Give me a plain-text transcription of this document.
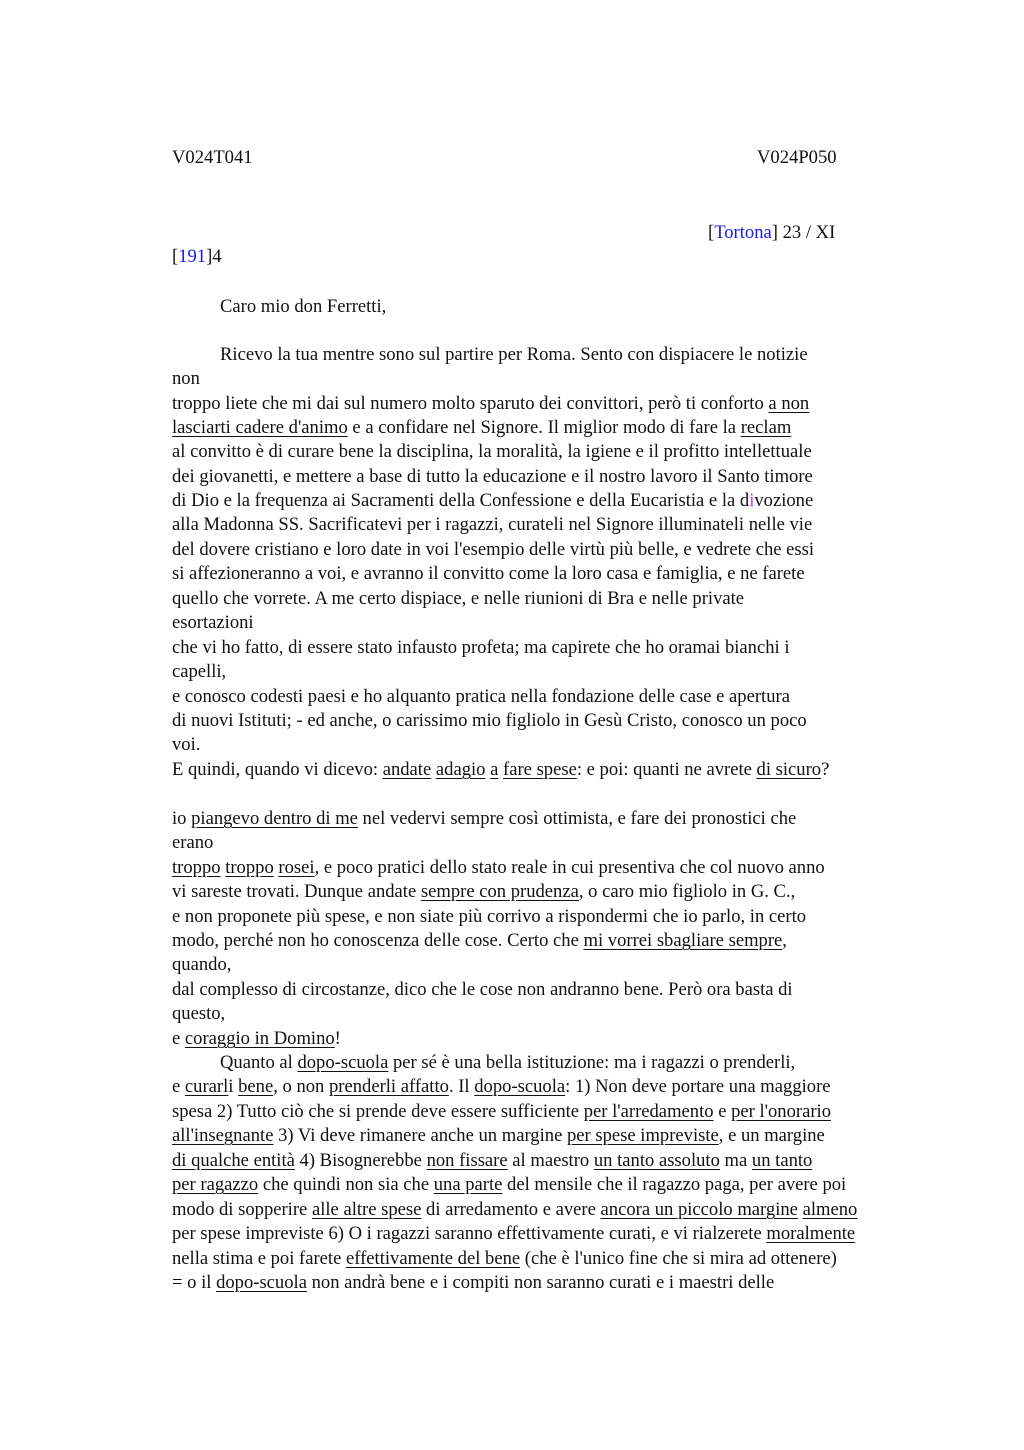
V024T041	V024P050
[Tortona] 23 / XI
[191]4
Caro mio don Ferretti,
Ricevo la tua mentre sono sul partire per Roma. Sento con dispiacere le notizie
non
troppo liete che mi dai sul numero molto sparuto dei convittori, però ti conforto a non
lasciarti cadere d'animo e a confidare nel Signore. Il miglior modo di fare la reclam
al convitto è di curare bene la disciplina, la moralità, la igiene e il profitto intellettuale
dei giovanetti, e mettere a base di tutto la educazione e il nostro lavoro il Santo timore
di Dio e la frequenza ai Sacramenti della Confessione e della Eucaristia e la divozione
alla Madonna SS. Sacrificatevi per i ragazzi, curateli nel Signore illuminateli nelle vie
del dovere cristiano e loro date in voi l'esempio delle virtù più belle, e vedrete che essi
si affezioneranno a voi, e avranno il convitto come la loro casa e famiglia, e ne farete
quello che vorrete. A me certo dispiace, e nelle riunioni di Bra e nelle private
esortazioni
che vi ho fatto, di essere stato infausto profeta; ma capirete che ho oramai bianchi i
capelli,
e conosco codesti paesi e ho alquanto pratica nella fondazione delle case e apertura
di nuovi Istituti; - ed anche, o carissimo mio figliolo in Gesù Cristo, conosco un poco
voi.
E quindi, quando vi dicevo: andate adagio a fare spese: e poi: quanti ne avrete di sicuro?
io piangevo dentro di me nel vedervi sempre così ottimista, e fare dei pronostici che
erano
troppo troppo rosei, e poco pratici dello stato reale in cui presentiva che col nuovo anno
vi sareste trovati. Dunque andate sempre con prudenza, o caro mio figliolo in G. C.,
e non proponete più spese, e non siate più corrivo a rispondermi che io parlo, in certo
modo, perché non ho conoscenza delle cose. Certo che mi vorrei sbagliare sempre,
quando,
dal complesso di circostanze, dico che le cose non andranno bene. Però ora basta di
questo,
e coraggio in Domino!
Quanto al dopo-scuola per sé è una bella istituzione: ma i ragazzi o prenderli,
e curarli bene, o non prenderli affatto. Il dopo-scuola: 1) Non deve portare una maggiore
spesa 2) Tutto ciò che si prende deve essere sufficiente per l'arredamento e per l'onorario
all'insegnante 3) Vi deve rimanere anche un margine per spese impreviste, e un margine
di qualche entità 4) Bisognerebbe non fissare al maestro un tanto assoluto ma un tanto
per ragazzo che quindi non sia che una parte del mensile che il ragazzo paga, per avere poi
modo di sopperire alle altre spese di arredamento e avere ancora un piccolo margine almeno
per spese impreviste 6) O i ragazzi saranno effettivamente curati, e vi rialzerete moralmente
nella stima e poi farete effettivamente del bene (che è l'unico fine che si mira ad ottenere)
= o il dopo-scuola non andrà bene e i compiti non saranno curati e i maestri delle
